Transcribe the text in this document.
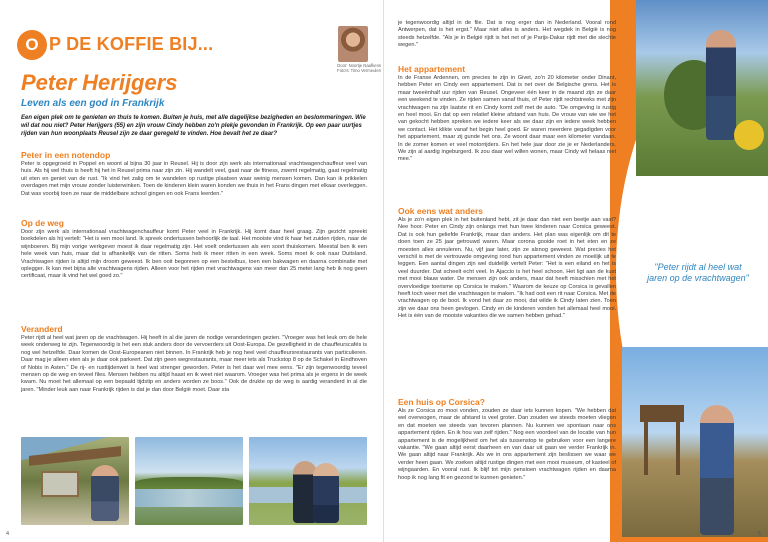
O P DE KOFFIE BIJ...
Door: Noortje Naafkens
Foto's: Timo Vermeulen
Peter Herijgers
Leven als een god in Frankrijk
Een eigen plek om te genieten en thuis te komen. Buiten je huis, met alle dagelijkse bezigheden en beslommeringen. Wie wil dat nou niet? Peter Herijgers (55) en zijn vrouw Cindy hebben zo'n plekje gevonden in Frankrijk. Op een paar uurtjes rijden van hun woonplaats Reusel zijn ze daar geregeld te vinden. Hoe bevalt het ze daar?
Peter in een notendop
Peter is opgegroeid in Poppel en woont al bijna 30 jaar in Reusel. Hij is door zijn werk als internationaal vrachtwagenchauffeur veel van huis. Als hij wel thuis is heeft hij het in Reusel prima naar zijn zin. Hij wandelt veel, gaat naar de fitness, zwemt regelmatig, gaat regelmatig uit eten en geniet van de rust. "Ik vind het zalig om te wandelen op rustige plaatsen waar weinig mensen komen. Dan kan ik prikkelen overdagen met mijn vrouw zonder luisterwinken. Toen de kinderen klein waren konden we thuis in het Frans dingen met elkaar overleggen. Dat was voorbij toen ze naar de middelbare school gingen en ook Frans leerden."
Op de weg
Door zijn werk als internationaal vrachtwagenchauffeur komt Peter veel in Frankrijk. Hij komt daar heel graag. Zijn gezicht spreekt boekdelen als hij vertelt: "Het is een mooi land. Ik spreek ondertussen behoorlijk de taal. Het mooiste vind ik haar het zuiden rijden, naar de wijnboeren. Bij mijn vorige werkgever moest ik daar regelmatig zijn. Het voelt ondertussen als een soort thuiskomen. Meestal ben ik een hele week van huis, maar dat is afhankelijk van de ritten. Soms heb ik meer ritten in een week. Soms moet ik ook naar Duitsland. Vrachtwagen rijden is altijd mijn droom geweest. Ik ben ooit begonnen op een bestelbus, toen een bakwagen en daarna combinatie met oplegger. Ik kan met bijna alle vrachtwagens rijden. Alleen voor het rijden met vrachtwagens van meer dan 25 meter lang heb ik nog geen certificaat, maar ik vind het wel goed zo."
Veranderd
Peter rijdt al heel wat jaren op de vrachtwagen. Hij heeft in al die jaren de nodige veranderingen gezien. "Vroeger was het leuk om de hele week onderweg te zijn. Tegenwoordig is het een stuk anders door de vervoerders uit Oost-Europa. De gezelligheid in de chauffeurscafés is nog wel hetzelfde. Daar komen de Oost-Europeanen niet binnen. In Frankrijk heb je nog heel veel chauffeursrestaurants van particulieren. Daar mag je alleen eten als je daar ook parkeert. Dat zijn geen wegrestaurants, maar meer iets als Truckstop 8 op de Schakel in Eindhoven of Nobis in Asten." De rij- en rusttijdenwet is heel wat strenger geworden. Peter is het daar wel mee eens. "Er zijn tegenwoordig teveel mensen op de weg en teveel files. Mensen hebben nu altijd haast en ik weet niet waarom. Vroeger was het prima als je ergens in de week kwam. Nu moet het allemaal op een bepaald tijdstip en anders worden ze boos." Ook de drukte op de weg is aardig veranderd in al die jaren. "Minder leuk aan naar Frankrijk rijden is dat je dan door België moet. Daar sta
4
je tegenwoordig altijd in de file. Dat is nog erger dan in Nederland. Vooral rond Antwerpen, dat is het ergst." Maar niet alles is anders. Het wegdek in België is nog steeds hetzelfde. "Als je in België rijdt is het net of je Parijs-Dakar rijdt met die slechte wegen."
Het appartement
In de Franse Ardennen, om precies te zijn in Givet, zo'n 20 kilometer onder Dinant, hebben Peter en Cindy een appartement. Dat is net over de Belgische grens. Het is maar tweeënhalf uur rijden van Reusel. Ongeveer één keer in de maand zijn ze daar een weekend te vinden. Ze rijden samen vanaf thuis, of Peter rijdt rechtstreeks met zijn vrachtwagen na zijn laatste rit en Cindy komt zelf met de auto. "De omgeving is rustig en heel mooi. En dat op een relatief kleine afstand van huis. De vrouw van wie we het van gekocht hebben spreken we iedere keer als we daar zijn en iedere week hebben we contact. Het klikte vanaf het begin heel goed. Er waren meerdere gegadigden voor het appartement, maar zij gunde het ons. Ze woont daar maar een kilometer vandaan. In de zomer komen er veel motorrijders. En het hele jaar door zie je er Nederlanders. We zijn al aardig ingeburgerd. Ik zou daar wel willen wonen, maar Cindy wil helaas niet mee."
Ook eens wat anders
Als je zo'n eigen plek in het buitenland hebt, zit je daar dan niet een beetje aan vast? Nee hoor. Peter en Cindy zijn onlangs met hun twee kinderen naar Corsica geweest. Dat is ook hun geliefde Frankrijk, maar dan anders. Het plan was eigenlijk om dit te doen toen ze 25 jaar getrouwd waren. Maar corona gooide roet in het eten en ze moesten alles annuleren. Nu, vijf jaar later, zijn ze alsnog geweest. Wat precies het verschil is met de vertrouwde omgeving rond hun appartement vinden ze moeilijk uit te leggen. Een aantal dingen zijn wel duidelijk vertelt Peter: "Het is een eiland en het is veel duurder. Dat scheelt echt veel. In Ajaccio is het heel schoon. Het ligt aan de kust met mooi blauw water. De mensen zijn ook anders, maar dat heeft misschien met het overvloedige toerisme op Corsica te maken." Waarom de keuze op Corsica is gevallen heeft toch weer met die vrachtwagen te maken. "Ik had ooit een rit naar Corsica. Met de vrachtwagen op de boot. Ik vond het daar zo mooi, dat wilde ik Cindy laten zien. Toen zijn we daar ons heen gevlogen. Cindy en de kinderen vonden het allemaal heel mooi. Het is één van de mooiste vakanties die we samen hebben gehad."
Een huis op Corsica?
Als ze Corsica zo mooi vonden, zouden ze daar iets kunnen kopen. "We hebben dat wel overwogen, maar de afstand is veel groter. Dan zouden we steeds moeten vliegen en dat moeten we steeds van tevoren plannen. Nu kunnen we spontaan naar ons appartement rijden. En ik hou van zelf rijden." Nog een voordeel van de locatie van hun appartement is de mogelijkheid om het als tussenstop te gebruiken voor een langere vakantie. "We gaan altijd eerst daarheen en van daar uit gaan we verder Frankrijk in. We gaan altijd naar Frankrijk. Als we in ons appartement zijn beslissen we waar we verder heen gaan. We zoeken altijd rustige dingen met een mooi museum, of kasteel of wijngaarden. En vooral rust. Ik blijf tot mijn pensioen vrachtwagen rijden en daarna hoop ik nog lang fit en gezond te kunnen genieten."
"Peter rijdt al heel wat jaren op de vrachtwagen"
5
